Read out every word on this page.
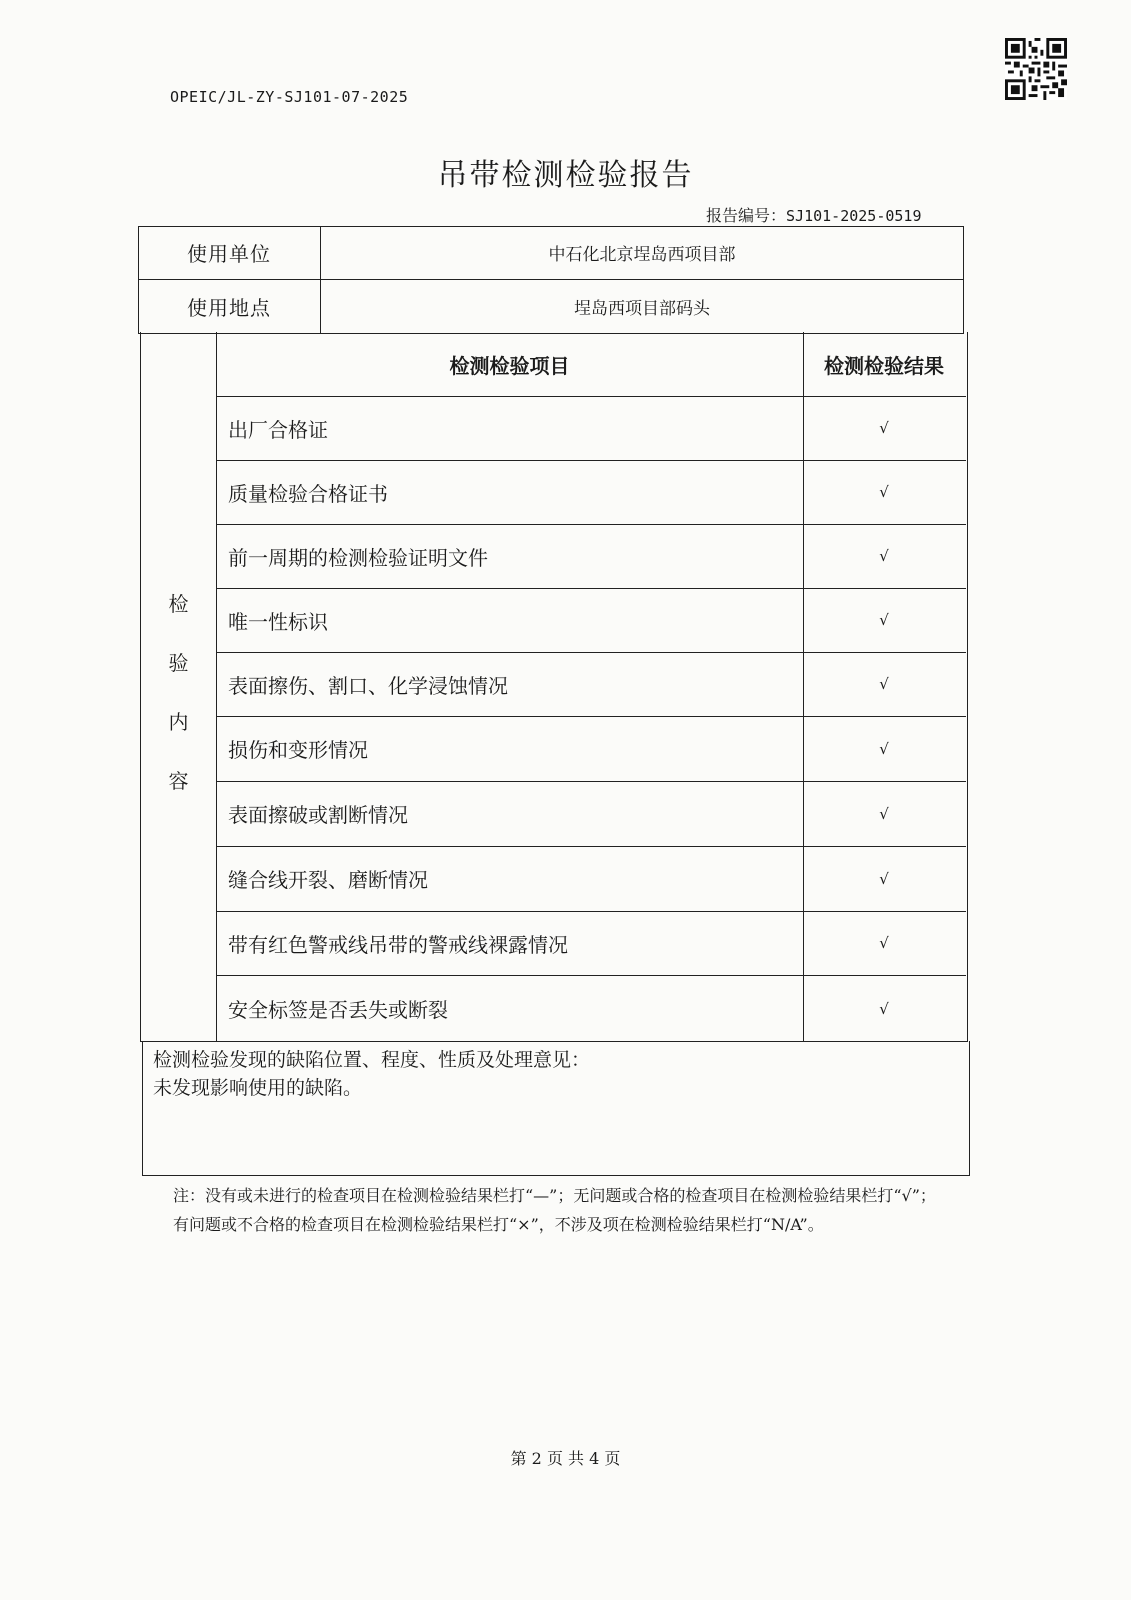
OPEIC/JL-ZY-SJ101-07-2025
吊带检测检验报告
报告编号：SJ101-2025-0519
使用单位	中石化北京埕岛西项目部
使用地点	埕岛西项目部码头
检
验
内
容
检测检验项目	检测检验结果
出厂合格证	√
质量检验合格证书	√
前一周期的检测检验证明文件	√
唯一性标识	√
表面擦伤、割口、化学浸蚀情况	√
损伤和变形情况	√
表面擦破或割断情况	√
缝合线开裂、磨断情况	√
带有红色警戒线吊带的警戒线裸露情况	√
安全标签是否丢失或断裂	√
检测检验发现的缺陷位置、程度、性质及处理意见：
未发现影响使用的缺陷。
注：没有或未进行的检查项目在检测检验结果栏打“—”；无问题或合格的检查项目在检测检验结果栏打“√”；有问题或不合格的检查项目在检测检验结果栏打“×”，不涉及项在检测检验结果栏打“N/A”。
第 2 页 共 4 页
